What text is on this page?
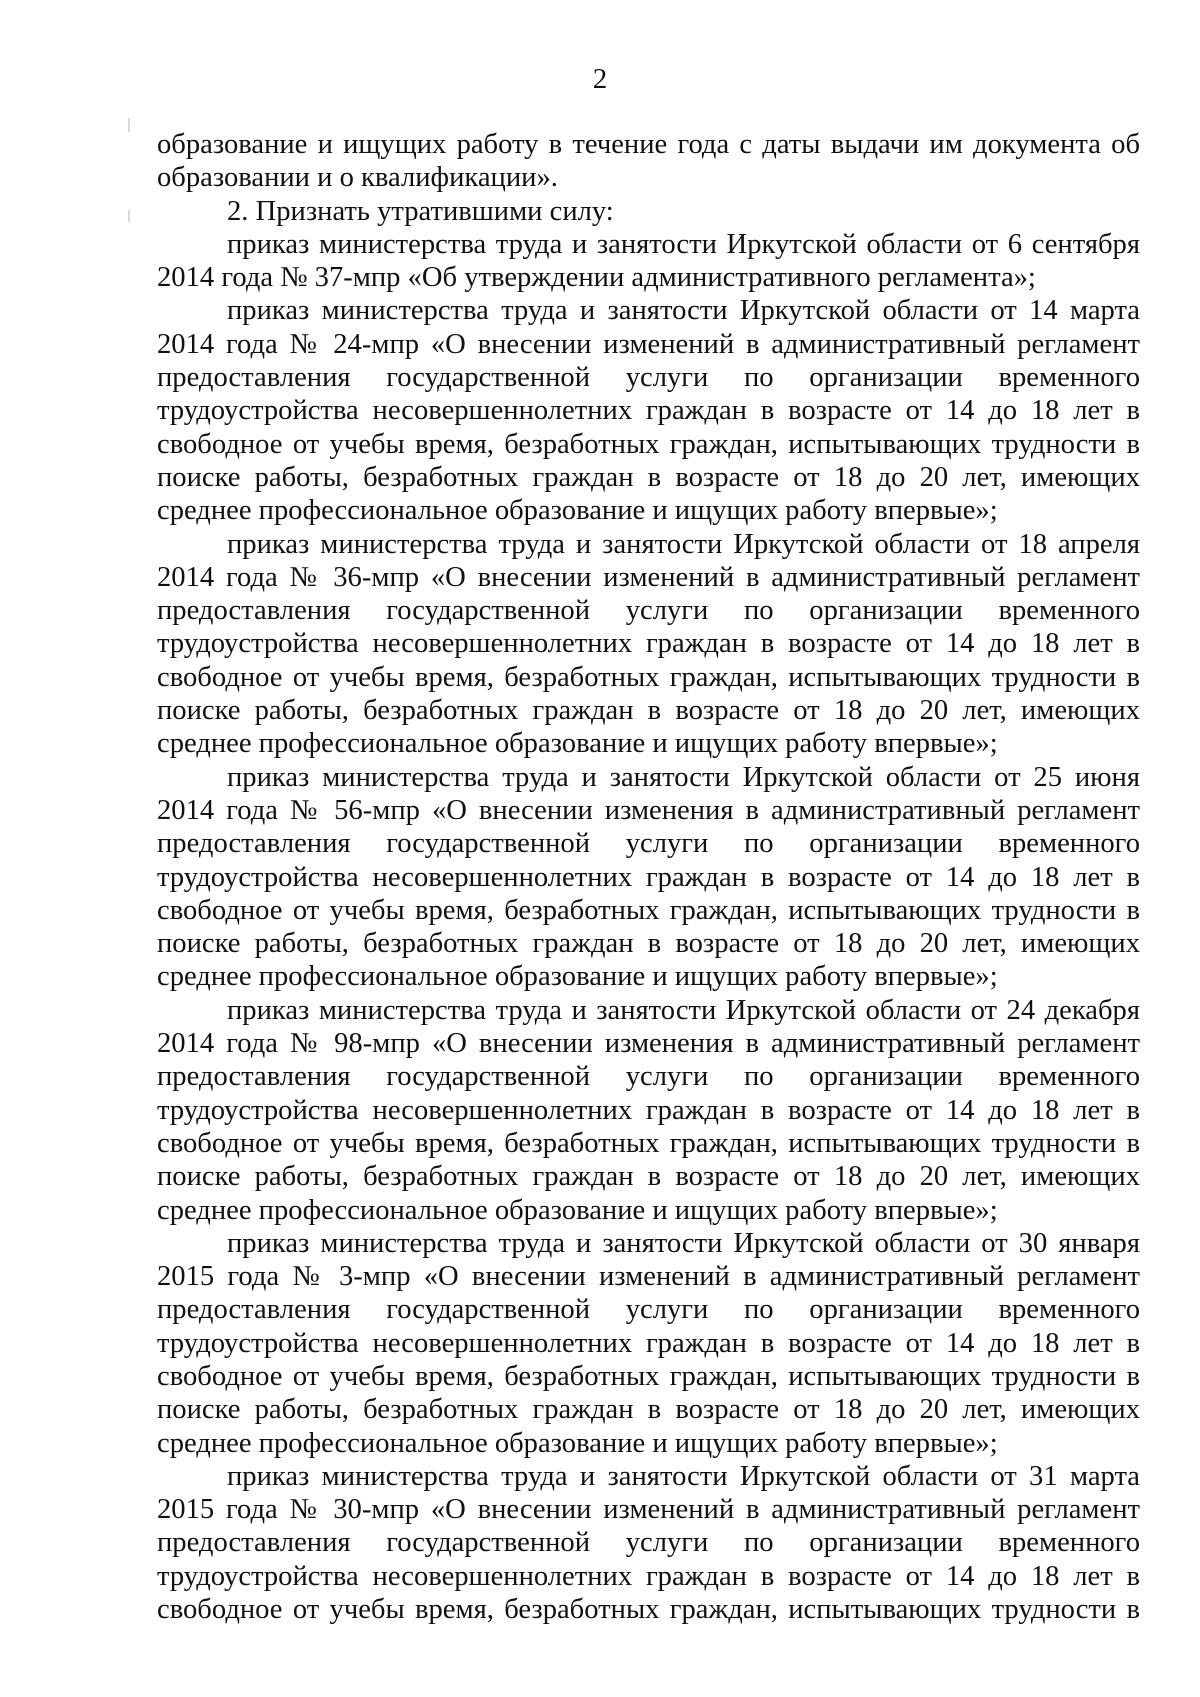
2

образование и ищущих работу в течение года с даты выдачи им документа об образовании и о квалификации».

2. Признать утратившими силу:

приказ министерства труда и занятости Иркутской области от 6 сентября 2014 года № 37-мпр «Об утверждении административного регламента»;

приказ министерства труда и занятости Иркутской области от 14 марта 2014 года № 24-мпр «О внесении изменений в административный регламент предоставления государственной услуги по организации временного трудоустройства несовершеннолетних граждан в возрасте от 14 до 18 лет в свободное от учебы время, безработных граждан, испытывающих трудности в поиске работы, безработных граждан в возрасте от 18 до 20 лет, имеющих среднее профессиональное образование и ищущих работу впервые»;

приказ министерства труда и занятости Иркутской области от 18 апреля 2014 года № 36-мпр «О внесении изменений в административный регламент предоставления государственной услуги по организации временного трудоустройства несовершеннолетних граждан в возрасте от 14 до 18 лет в свободное от учебы время, безработных граждан, испытывающих трудности в поиске работы, безработных граждан в возрасте от 18 до 20 лет, имеющих среднее профессиональное образование и ищущих работу впервые»;

приказ министерства труда и занятости Иркутской области от 25 июня 2014 года № 56-мпр «О внесении изменения в административный регламент предоставления государственной услуги по организации временного трудоустройства несовершеннолетних граждан в возрасте от 14 до 18 лет в свободное от учебы время, безработных граждан, испытывающих трудности в поиске работы, безработных граждан в возрасте от 18 до 20 лет, имеющих среднее профессиональное образование и ищущих работу впервые»;

приказ министерства труда и занятости Иркутской области от 24 декабря 2014 года № 98-мпр «О внесении изменения в административный регламент предоставления государственной услуги по организации временного трудоустройства несовершеннолетних граждан в возрасте от 14 до 18 лет в свободное от учебы время, безработных граждан, испытывающих трудности в поиске работы, безработных граждан в возрасте от 18 до 20 лет, имеющих среднее профессиональное образование и ищущих работу впервые»;

приказ министерства труда и занятости Иркутской области от 30 января 2015 года № 3-мпр «О внесении изменений в административный регламент предоставления государственной услуги по организации временного трудоустройства несовершеннолетних граждан в возрасте от 14 до 18 лет в свободное от учебы время, безработных граждан, испытывающих трудности в поиске работы, безработных граждан в возрасте от 18 до 20 лет, имеющих среднее профессиональное образование и ищущих работу впервые»;

приказ министерства труда и занятости Иркутской области от 31 марта 2015 года № 30-мпр «О внесении изменений в административный регламент предоставления государственной услуги по организации временного трудоустройства несовершеннолетних граждан в возрасте от 14 до 18 лет в свободное от учебы время, безработных граждан, испытывающих трудности в
